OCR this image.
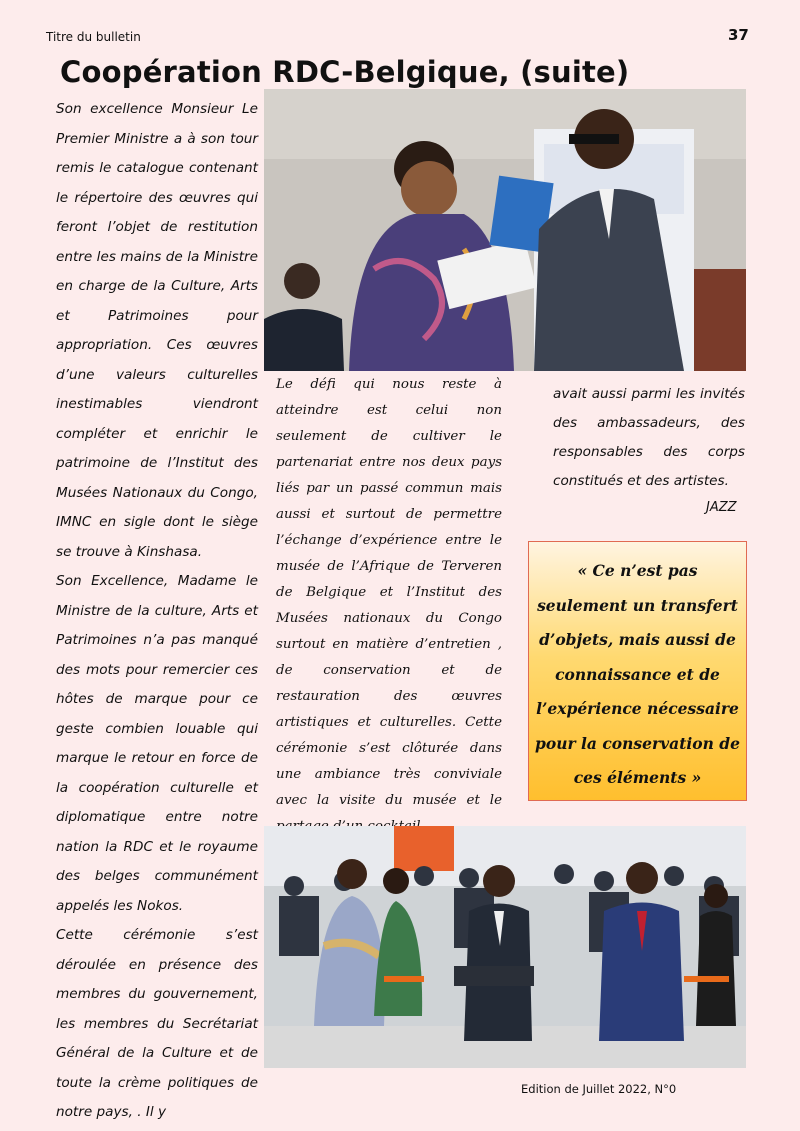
Titre du bulletin	37
Coopération RDC-Belgique, (suite)

Son excellence Monsieur Le Premier Ministre a à son tour remis le catalogue contenant le répertoire des œuvres qui feront l’objet de restitution entre les mains de la Ministre en charge de la Culture, Arts et Patrimoines pour appropriation. Ces œuvres d’une valeurs culturelles inestimables viendront compléter et enrichir le patrimoine de l’Institut des Musées Nationaux du Congo, IMNC en sigle dont le siège se trouve à Kinshasa.

Son Excellence, Madame le Ministre de la culture, Arts et Patrimoines n’a pas manqué des mots pour remercier ces hôtes de marque pour ce geste combien louable qui marque le retour en force de la coopération culturelle et diplomatique entre notre nation la RDC et le royaume des belges communément appelés les Nokos.

Cette cérémonie s’est déroulée en présence des membres du gouvernement, les membres du Secrétariat Général de la Culture et de toute la crème politiques de notre pays, . Il y

Le défi qui nous reste à atteindre est celui non seulement de cultiver le partenariat entre nos deux pays liés par un passé commun mais aussi et surtout de permettre l’échange d’expérience entre le musée de l’Afrique de Terveren de Belgique et l’Institut des Musées nationaux du Congo surtout en matière d’entretien , de conservation et de restauration des œuvres artistiques et culturelles. Cette cérémonie s’est clôturée dans une ambiance très conviviale avec la visite du musée et le
avait aussi parmi les invités des ambassadeurs, des responsables des corps constitués et des artistes.
JAZZ
« Ce n’est pas seulement un transfert d’objets, mais aussi de connaissance et de l’expérience nécessaire pour la conservation de ces éléments »
Edition de Juillet 2022, N°0
